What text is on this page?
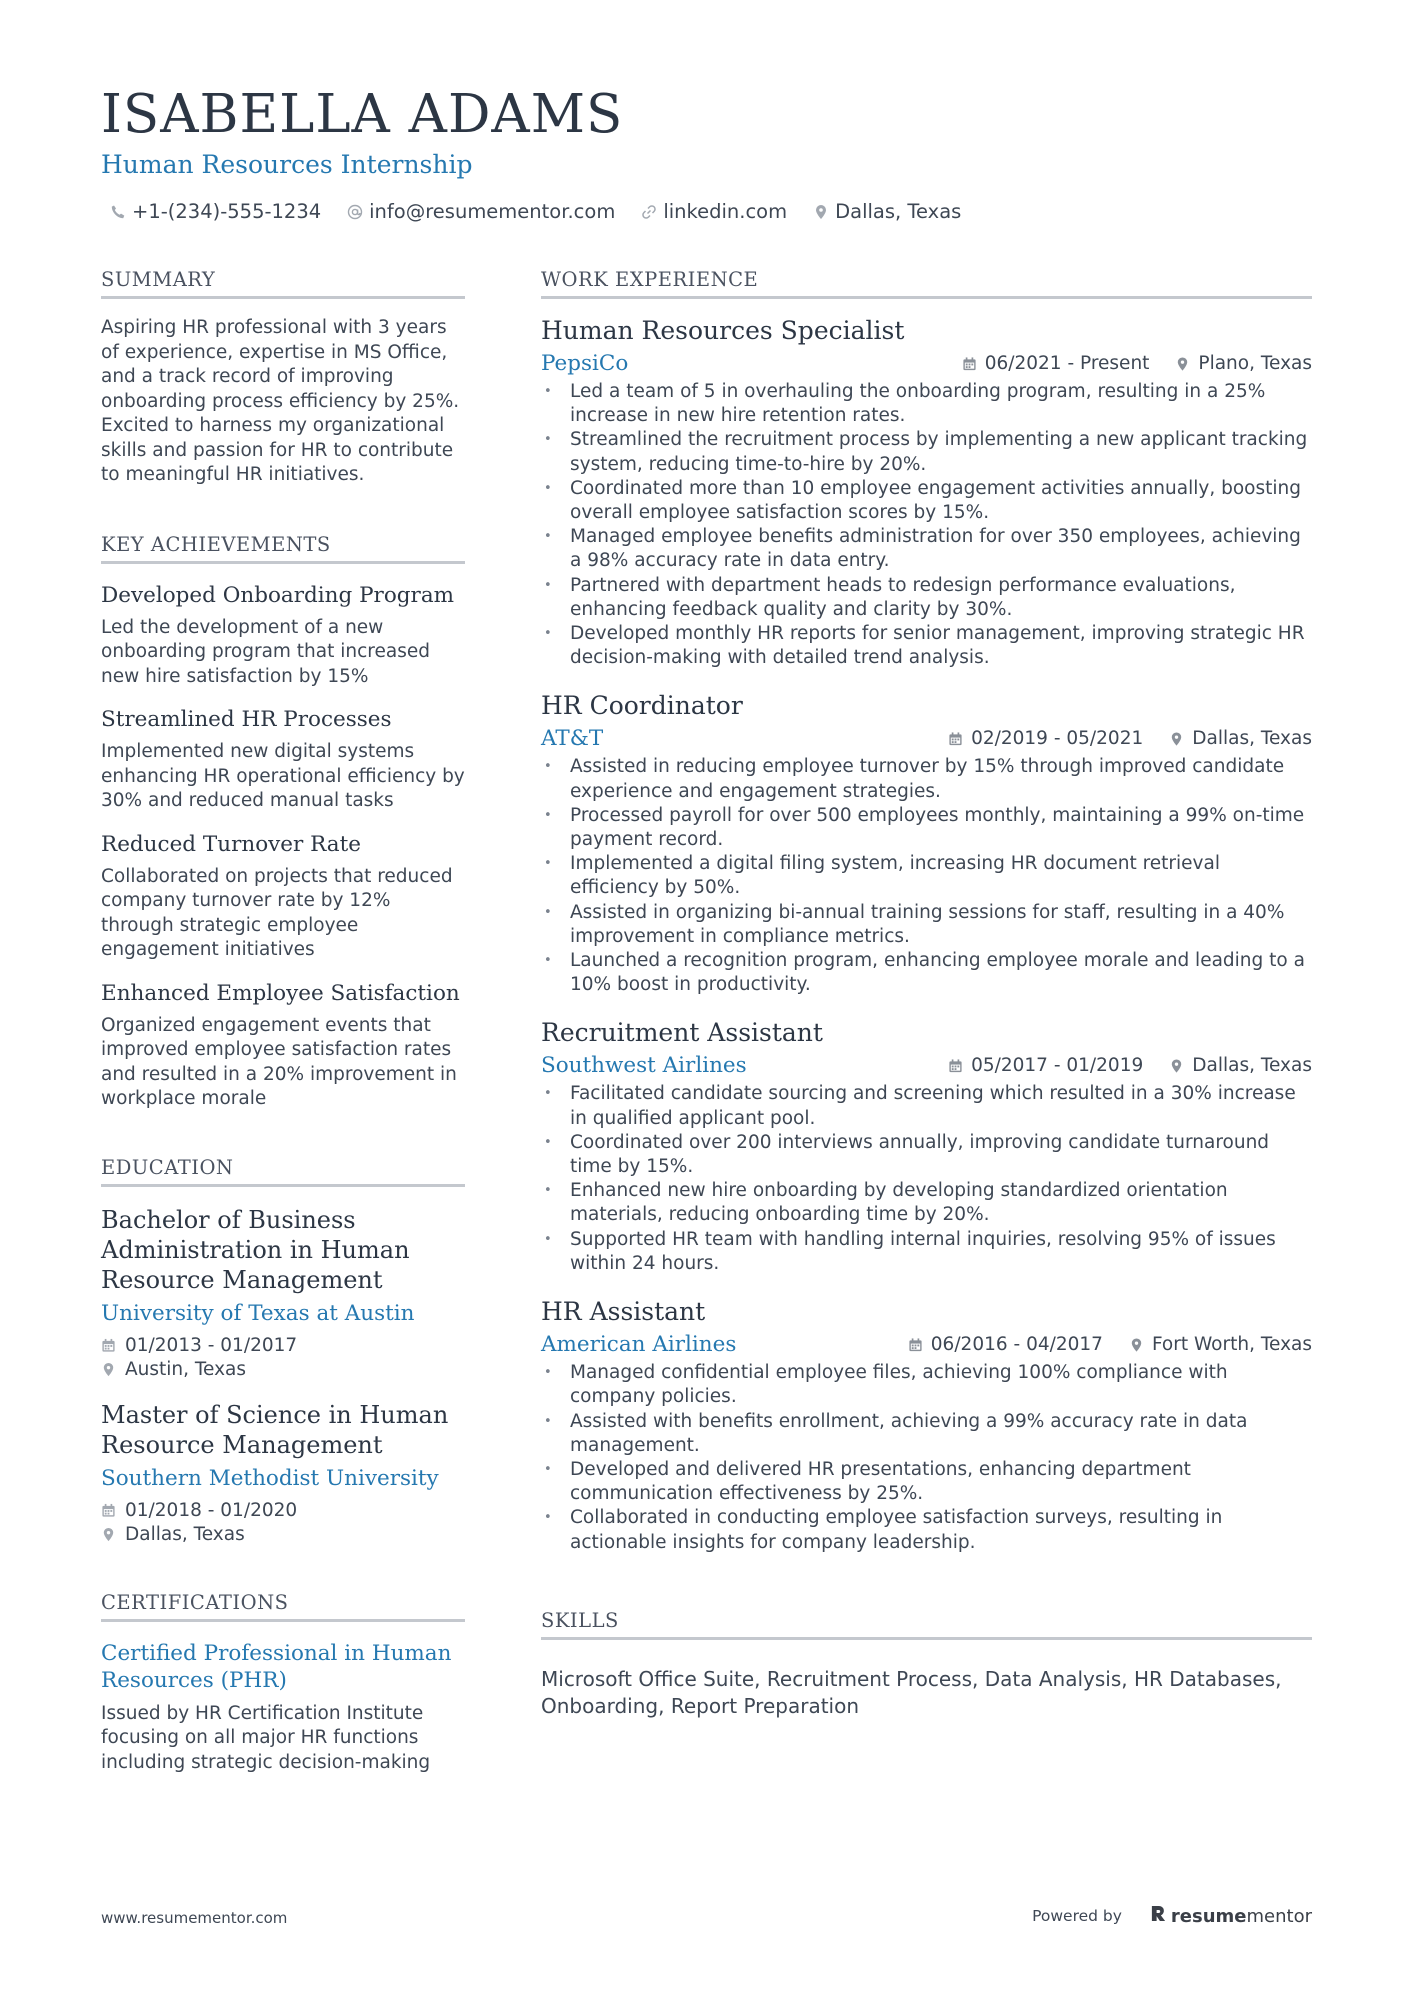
ISABELLA ADAMS
Human Resources Internship
+1-(234)-555-1234 info@resumementor.com linkedin.com Dallas, Texas
SUMMARY
Aspiring HR professional with 3 years of experience, expertise in MS Office, and a track record of improving onboarding process efficiency by 25%. Excited to harness my organizational skills and passion for HR to contribute to meaningful HR initiatives.
KEY ACHIEVEMENTS
Developed Onboarding Program
Led the development of a new onboarding program that increased new hire satisfaction by 15%
Streamlined HR Processes
Implemented new digital systems enhancing HR operational efficiency by 30% and reduced manual tasks
Reduced Turnover Rate
Collaborated on projects that reduced company turnover rate by 12% through strategic employee engagement initiatives
Enhanced Employee Satisfaction
Organized engagement events that improved employee satisfaction rates and resulted in a 20% improvement in workplace morale
EDUCATION
Bachelor of Business Administration in Human Resource Management
University of Texas at Austin
01/2013 - 01/2017
Austin, Texas
Master of Science in Human Resource Management
Southern Methodist University
01/2018 - 01/2020
Dallas, Texas
CERTIFICATIONS
Certified Professional in Human Resources (PHR)
Issued by HR Certification Institute focusing on all major HR functions including strategic decision-making
WORK EXPERIENCE
Human Resources Specialist
PepsiCo	06/2021 - Present	Plano, Texas
• Led a team of 5 in overhauling the onboarding program, resulting in a 25% increase in new hire retention rates.
• Streamlined the recruitment process by implementing a new applicant tracking system, reducing time-to-hire by 20%.
• Coordinated more than 10 employee engagement activities annually, boosting overall employee satisfaction scores by 15%.
• Managed employee benefits administration for over 350 employees, achieving a 98% accuracy rate in data entry.
• Partnered with department heads to redesign performance evaluations, enhancing feedback quality and clarity by 30%.
• Developed monthly HR reports for senior management, improving strategic HR decision-making with detailed trend analysis.
HR Coordinator
AT&T	02/2019 - 05/2021	Dallas, Texas
• Assisted in reducing employee turnover by 15% through improved candidate experience and engagement strategies.
• Processed payroll for over 500 employees monthly, maintaining a 99% on-time payment record.
• Implemented a digital filing system, increasing HR document retrieval efficiency by 50%.
• Assisted in organizing bi-annual training sessions for staff, resulting in a 40% improvement in compliance metrics.
• Launched a recognition program, enhancing employee morale and leading to a 10% boost in productivity.
Recruitment Assistant
Southwest Airlines	05/2017 - 01/2019	Dallas, Texas
• Facilitated candidate sourcing and screening which resulted in a 30% increase in qualified applicant pool.
• Coordinated over 200 interviews annually, improving candidate turnaround time by 15%.
• Enhanced new hire onboarding by developing standardized orientation materials, reducing onboarding time by 20%.
• Supported HR team with handling internal inquiries, resolving 95% of issues within 24 hours.
HR Assistant
American Airlines	06/2016 - 04/2017	Fort Worth, Texas
• Managed confidential employee files, achieving 100% compliance with company policies.
• Assisted with benefits enrollment, achieving a 99% accuracy rate in data management.
• Developed and delivered HR presentations, enhancing department communication effectiveness by 25%.
• Collaborated in conducting employee satisfaction surveys, resulting in actionable insights for company leadership.
SKILLS
Microsoft Office Suite, Recruitment Process, Data Analysis, HR Databases, Onboarding, Report Preparation
www.resumementor.com	Powered by	resumementor
